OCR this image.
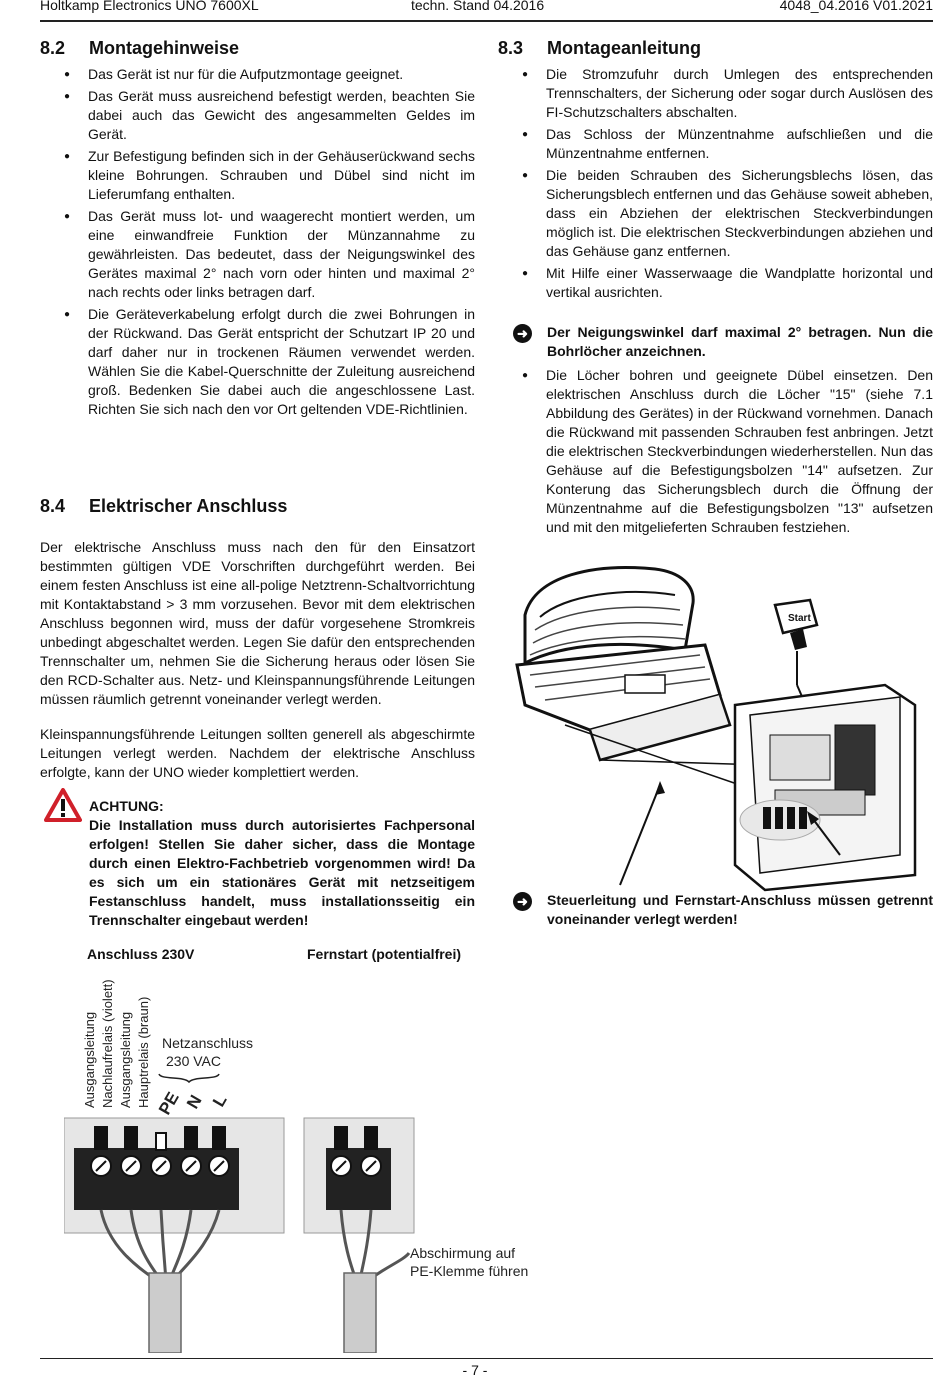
Holtkamp Electronics UNO 7600XL	techn. Stand 04.2016	4048_04.2016 V01.2021
8.2 Montagehinweise
● Das Gerät ist nur für die Aufputzmontage geeignet.
● Das Gerät muss ausreichend befestigt werden, beachten Sie dabei auch das Gewicht des angesammelten Geldes im Gerät.
● Zur Befestigung befinden sich in der Gehäuserückwand sechs kleine Bohrungen. Schrauben und Dübel sind nicht im Lieferumfang enthalten.
● Das Gerät muss lot- und waagerecht montiert werden, um eine einwandfreie Funktion der Münzannahme zu gewährleisten. Das bedeutet, dass der Neigungswinkel des Gerätes maximal 2° nach vorn oder hinten und maximal 2° nach rechts oder links betragen darf.
● Die Geräteverkabelung erfolgt durch die zwei Bohrungen in der Rückwand. Das Gerät entspricht der Schutzart IP 20 und darf daher nur in trockenen Räumen verwendet werden. Wählen Sie die Kabel-Querschnitte der Zuleitung ausreichend groß. Bedenken Sie dabei auch die angeschlossene Last. Richten Sie sich nach den vor Ort geltenden VDE-Richtlinien.
8.4 Elektrischer Anschluss
Der elektrische Anschluss muss nach den für den Einsatzort bestimmten gültigen VDE Vorschriften durchgeführt werden. Bei einem festen Anschluss ist eine all-polige Netztrenn-Schaltvorrichtung mit Kontaktabstand > 3 mm vorzusehen. Bevor mit dem elektrischen Anschluss begonnen wird, muss der dafür vorgesehene Stromkreis unbedingt abgeschaltet werden. Legen Sie dafür den entsprechenden Trennschalter um, nehmen Sie die Sicherung heraus oder lösen Sie den RCD-Schalter aus. Netz- und Kleinspannungsführende Leitungen müssen räumlich getrennt voneinander verlegt werden.
Kleinspannungsführende Leitungen sollten generell als abgeschirmte Leitungen verlegt werden. Nachdem der elektrische Anschluss erfolgte, kann der UNO wieder komplettiert werden.
ACHTUNG:
Die Installation muss durch autorisiertes Fachpersonal erfolgen! Stellen Sie daher sicher, dass die Montage durch einen Elektro-Fachbetrieb vorgenommen wird! Da es sich um ein stationäres Gerät mit netzseitigem Festanschluss handelt, muss installationsseitig ein Trennschalter eingebaut werden!
8.3 Montageanleitung
● Die Stromzufuhr durch Umlegen des entsprechenden Trennschalters, der Sicherung oder sogar durch Auslösen des FI-Schutzschalters abschalten.
● Das Schloss der Münzentnahme aufschließen und die Münzentnahme entfernen.
● Die beiden Schrauben des Sicherungsblechs lösen, das Sicherungsblech entfernen und das Gehäuse soweit abheben, dass ein Abziehen der elektrischen Steckverbindungen möglich ist. Die elektrischen Steckverbindungen abziehen und das Gehäuse ganz entfernen.
● Mit Hilfe einer Wasserwaage die Wandplatte horizontal und vertikal ausrichten.
➜ Der Neigungswinkel darf maximal 2° betragen. Nun die Bohrlöcher anzeichnen.
● Die Löcher bohren und geeignete Dübel einsetzen. Den elektrischen Anschluss durch die Löcher "15" (siehe 7.1 Abbildung des Gerätes) in der Rückwand vornehmen. Danach die Rückwand mit passenden Schrauben fest anbringen. Jetzt die elektrischen Steckverbindungen wiederherstellen. Nun das Gehäuse auf die Befestigungsbolzen "14" aufsetzen. Zur Konterung das Sicherungsblech durch die Öffnung der Münzentnahme auf die Befestigungsbolzen "13" aufsetzen und mit den mitgelieferten Schrauben festziehen.
Start
➜ Steuerleitung und Fernstart-Anschluss müssen getrennt voneinander verlegt werden!
Anschluss 230V	Fernstart (potentialfrei)
Ausgangsleitung Nachlaufrelais (violett) Ausgangsleitung Hauptrelais (braun) Netzanschluss
230 VAC
PE N L
Abschirmung auf
PE-Klemme führen
- 7 -
